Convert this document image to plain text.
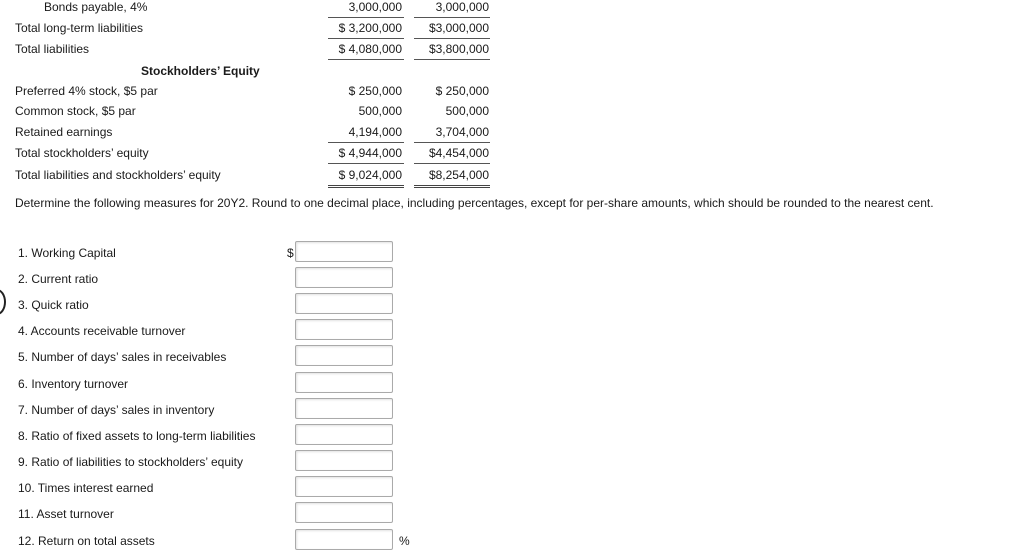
Bonds payable, 4%	3,000,000	3,000,000
Total long-term liabilities	$ 3,200,000	$3,000,000
Total liabilities	$ 4,080,000	$3,800,000
Stockholders’ Equity
Preferred 4% stock, $5 par	$ 250,000	$ 250,000
Common stock, $5 par	500,000	500,000
Retained earnings	4,194,000	3,704,000
Total stockholders’ equity	$ 4,944,000	$4,454,000
Total liabilities and stockholders’ equity	$ 9,024,000	$8,254,000
Determine the following measures for 20Y2. Round to one decimal place, including percentages, except for per-share amounts, which should be rounded to the nearest cent.
1. Working Capital	$
2. Current ratio
3. Quick ratio
4. Accounts receivable turnover
5. Number of days’ sales in receivables
6. Inventory turnover
7. Number of days’ sales in inventory
8. Ratio of fixed assets to long-term liabilities
9. Ratio of liabilities to stockholders’ equity
10. Times interest earned
11. Asset turnover
12. Return on total assets	%
